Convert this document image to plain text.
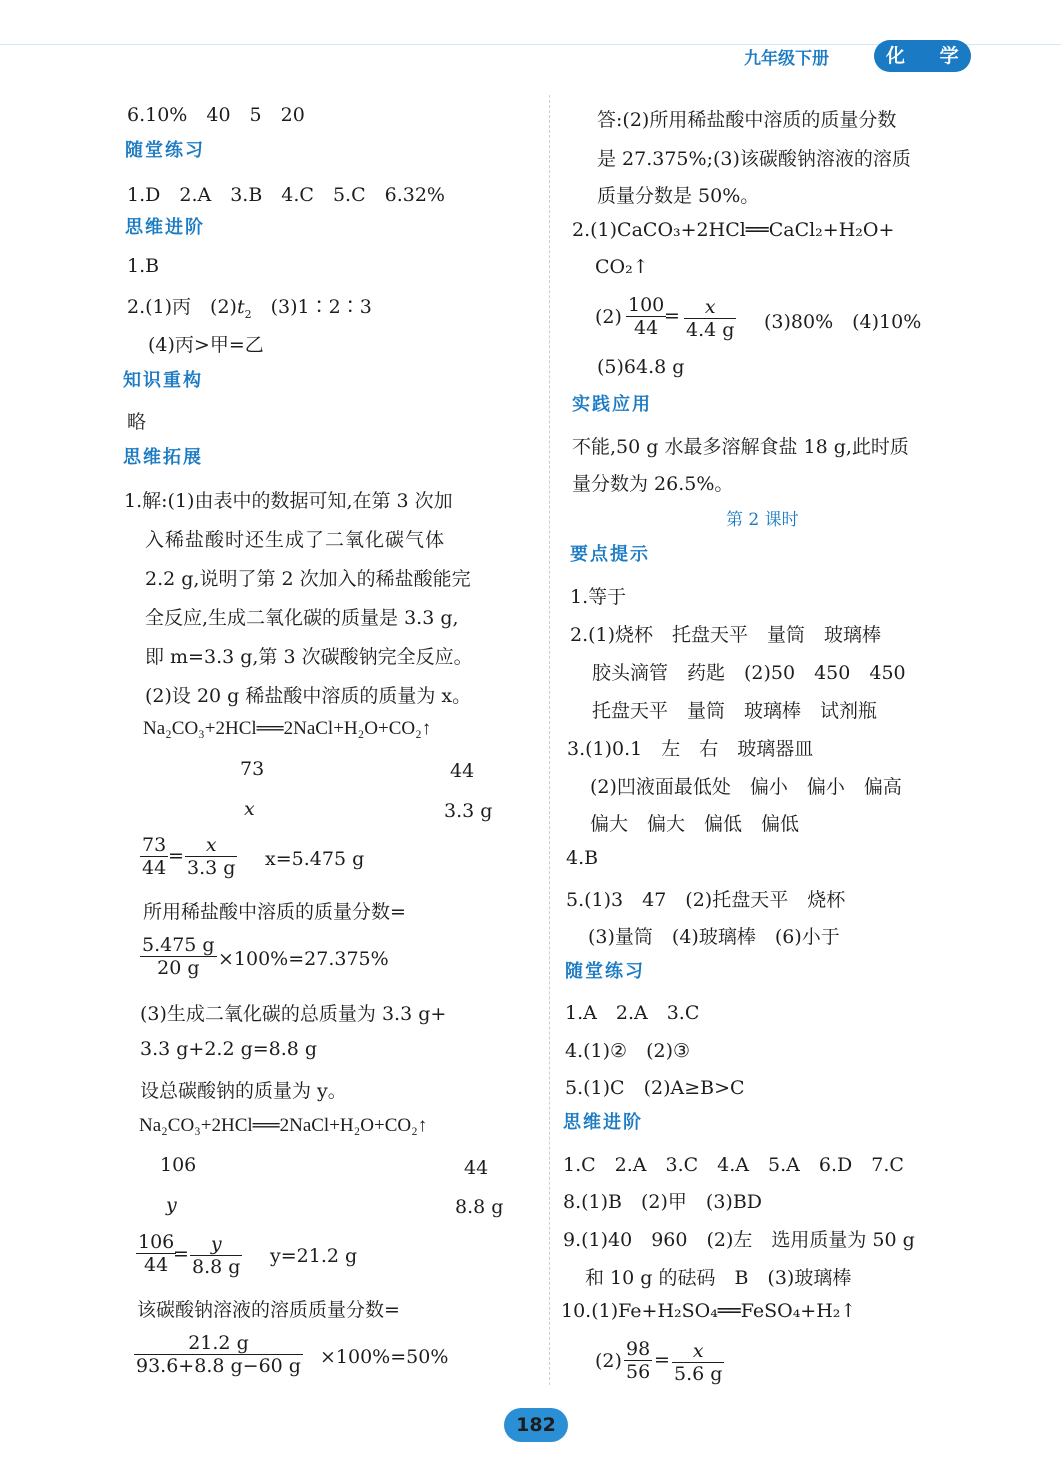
九年级下册	化 学
6.10%　40　5　20
随堂练习
1.D　2.A　3.B　4.C　5.C　6.32%
思维进阶
1.B
2.(1)丙　$(2)t_2$　(3)1∶2∶3
(4)丙>甲=乙
知识重构
略
思维拓展
1.解:(1)由表中的数据可知,在第 3 次加
入稀盐酸时还生成了二氧化碳气体
2.2 g,说明了第 2 次加入的稀盐酸能完
全反应,生成二氧化碳的质量是 3.3 g,
即 m=3.3 g,第 3 次碳酸钠完全反应。
(2)设 20 g 稀盐酸中溶质的质量为 x。
Na₂CO₃+2HCl══2NaCl+H₂O+CO₂↑
73	44
x	3.3 g
$\frac{73}{44} = \frac{x}{3.3 g} x=5.475$ g
所用稀盐酸中溶质的质量分数=
$\frac{5.475 g}{20 g} \times 100\%=27.375\%$
(3)生成二氧化碳的总质量为 3.3 g+
3.3 g+2.2 g=8.8 g
设总碳酸钠的质量为 y。
Na₂CO₃+2HCl══2NaCl+H₂O+CO₂↑
106	44
y	8.8 g
$\frac{106}{44}$
= $\frac{y}{8.8 g} y=21.2$ g
该碳酸钠溶液的溶质质量分数=
$\frac{21.2 g}{93.6+8.8 g-60 g} \times 100\%=50\%$
答:(2)所用稀盐酸中溶质的质量分数
是 27.375%;(3)该碳酸钠溶液的溶质
质量分数是 50%。
2.(1)CaCO₃+2HCl══CaCl₂+H₂O+
CO₂↑
$(2) \frac{100}{44}$
= $\frac{x}{4.4 g} (3)80\%$　(4)10%
(5)64.8 g
实践应用
不能,50 g 水最多溶解食盐 18 g,此时质
量分数为 26.5%。
第 2 课时
要点提示
1.等于
2.(1)烧杯　托盘天平　量筒　玻璃棒
胶头滴管　药匙　(2)50　450　450
托盘天平　量筒　玻璃棒　试剂瓶
3.(1)0.1　左　右　玻璃器皿
(2)凹液面最低处　偏小　偏小　偏高
偏大　偏大　偏低　偏低
4.B
5.(1)3　47　(2)托盘天平　烧杯
(3)量筒　(4)玻璃棒　(6)小于
随堂练习
1.A　2.A　3.C
4.(1)②　(2)③
5.(1)C　(2)A≥B>C
思维进阶
1.C　2.A　3.C　4.A　5.A　6.D　7.C
8.(1)B　(2)甲　(3)BD
9.(1)40　960　(2)左　选用质量为 50 g
和 10 g 的砝码　B　(3)玻璃棒
10.(1)Fe+H₂SO₄══FeSO₄+H₂↑
$(2) \frac{98}{56} = \frac{x}{5.6 g}$
182
